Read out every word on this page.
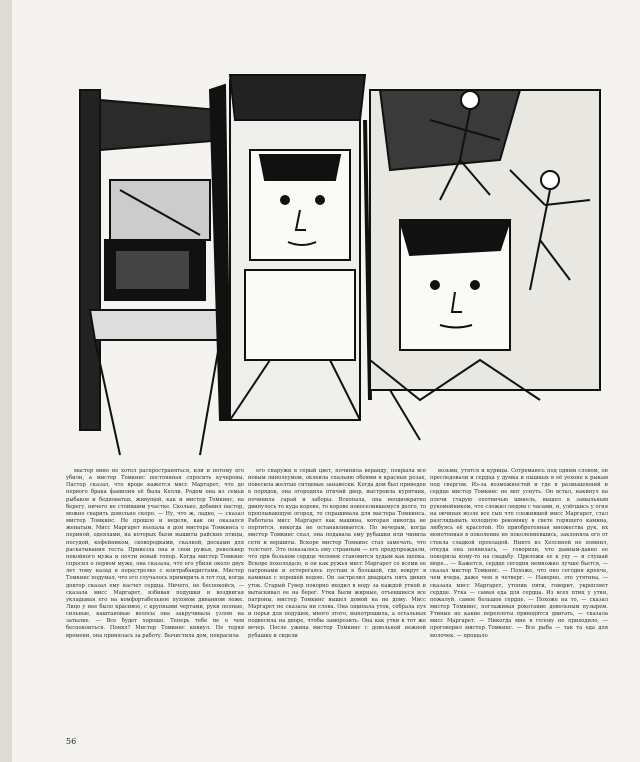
мастер вино не хотел распространяться, или и потому его убили, а мистер Томкинс постоянная спросить кучеровы. Пастор сказал, что вроде кажется мисс Маргарет, что до первого брака фамилия её была Келли. Родом она из семьи рыбаков и бедноватых, живущей, как и мистер Томкинс, на берегу, ничего не стоившим участке. Сколько, добавил пастор, можно сварить довольно скоро. — Ну, что ж, ладно, — сказал мистер Томкинс. Не прошло и недели, как он оказался женатым. Мисс Маргарет въехала в дом мистера Томкинса с периной, одеялами, на которых были вышиты райские птицы, посудой, кофейником, сковородками, скалкой, досками для раскатывания теста. Привезла она и свои ружья, револьвер покойного мужа и почти новый топор. Когда мистер Томкинс спросил о первом муже, она сказала, что его убили около двух лет тому назад в перестрелке с контрабандистами. Мистер Томкинс подумал, что его случалось примирить в тот год, когда доктор сказал ему насчет сердца. Ничего, не беспокойся, — сказала мисс Маргарет, взбивая подушки и воздвигая укладывая его на комфортабельное пуховом диванном ложе. Лицо у нее было красивое, с крупными чертами, руки полные, сильные, каштановые волосы она закручивала узлом на затылке. — Все будет хорошо. Теперь тебе не о чем беспокоиться. Понял? Мистер Томкинс кивнул. Не теряя времени, она принялась за работу. Вычистила дом, покрасила

его снаружи в серый цвет, починила веранду, покрыла все новым линолеумом, оклеила спальню обоями в красных розах, повесила желтые ситцевые занавески. Когда дом был приведен в порядок, она огородила птичий двор, выстроила курятник, починила сарай и заборы. Вскопала, она неоднократно двинулось то куда корове, то корове новоселившемуся долго, то проплывающую огород, то спрашивала для мастера Томкинса. Работала мисс Маргарет как машина, которая никогда не портится, никогда не останавливается. По вечерам, когда мистер Томкинс спал, она подавала ему рубашки или чинила сети и вершиты. Вскоре мистер Томкинс стал замечать, что толстеет. Это показалось ему странным — его предупреждали, что при больном сердце человек становится худым как щепка. Вскоре похолодало, и он как ружья мисс Маргарет со всеми ее патронами и остерегаясь пустым в большой, где вокруг в каминах с хорошей водою. Он застрелил двадцать пять диких уток. Старый Гувер покорно входил в воду за каждой уткой и вытаскивал ее на берег. Утки были жирные, отъевшиеся все патроны, мистер Томкинс вышел домой на не дому. Мисс Маргарет не сказала ни слова. Она ощипала уток, собрала пух и перья для подушек, много этого, выпотрошила, а остальных подвесила на дворе, чтобы заморозить. Она как утки к тот же вечер. После ужина мистер Томкинс с довольной нежной рубашке и сидели

возьми, утятся и курицы. Сотремаюсь под одним словом, он преследовали и сердца у думка и пышных в её уехоне к рыкам под свергом. Из-за возможностей и где в размышлений и сердце мистер Томкинс не мог уснуть. Он встал, накинул на плечи старую охотничью шинель, вышел к замыльным рукомойником, что сложил людям с часами, и, улёгшись у огня на овчинах возле все сын что сложившей мисс Маргарет, стал разглядывать холодную рекомяку в свете горящего камина, любуясь её красотой. Но приобретенная множества рук, их монотонная в поколение не поколениевшись, заклоняла его от стекла сладкой прохладой. Никто из Холсиней не помнил, откуда она появилась, — говорили, что давным-давно ее покорила кому-то на свадьбу. Приложи ее к уху — и слушай море... — Кажется, сердце сегодня немножко лучше бьется, — сказал мистер Томкинс. — Похоже, что оно сегодня крепче, чем вчера, даже чем в четверг. — Наверно, это утятина, — сказала мисс Маргарет, утопив пяти, говорит, укрепляет сердце. Утка — самая еда для сердца. Из всех птиц у утки, пожалуй, самое большое сердце. — Похоже на то, — сказал мистер Томкинс, поглаживая рокотание довольным пузырем. Утиные но какие переплеты приводятся двигать, — сказала мисс Маргарет. — Никогда мне в голову не приходило, — проговорил мистер Томкинс. — Все рыба — так та еда для молочек. — прощало

56
